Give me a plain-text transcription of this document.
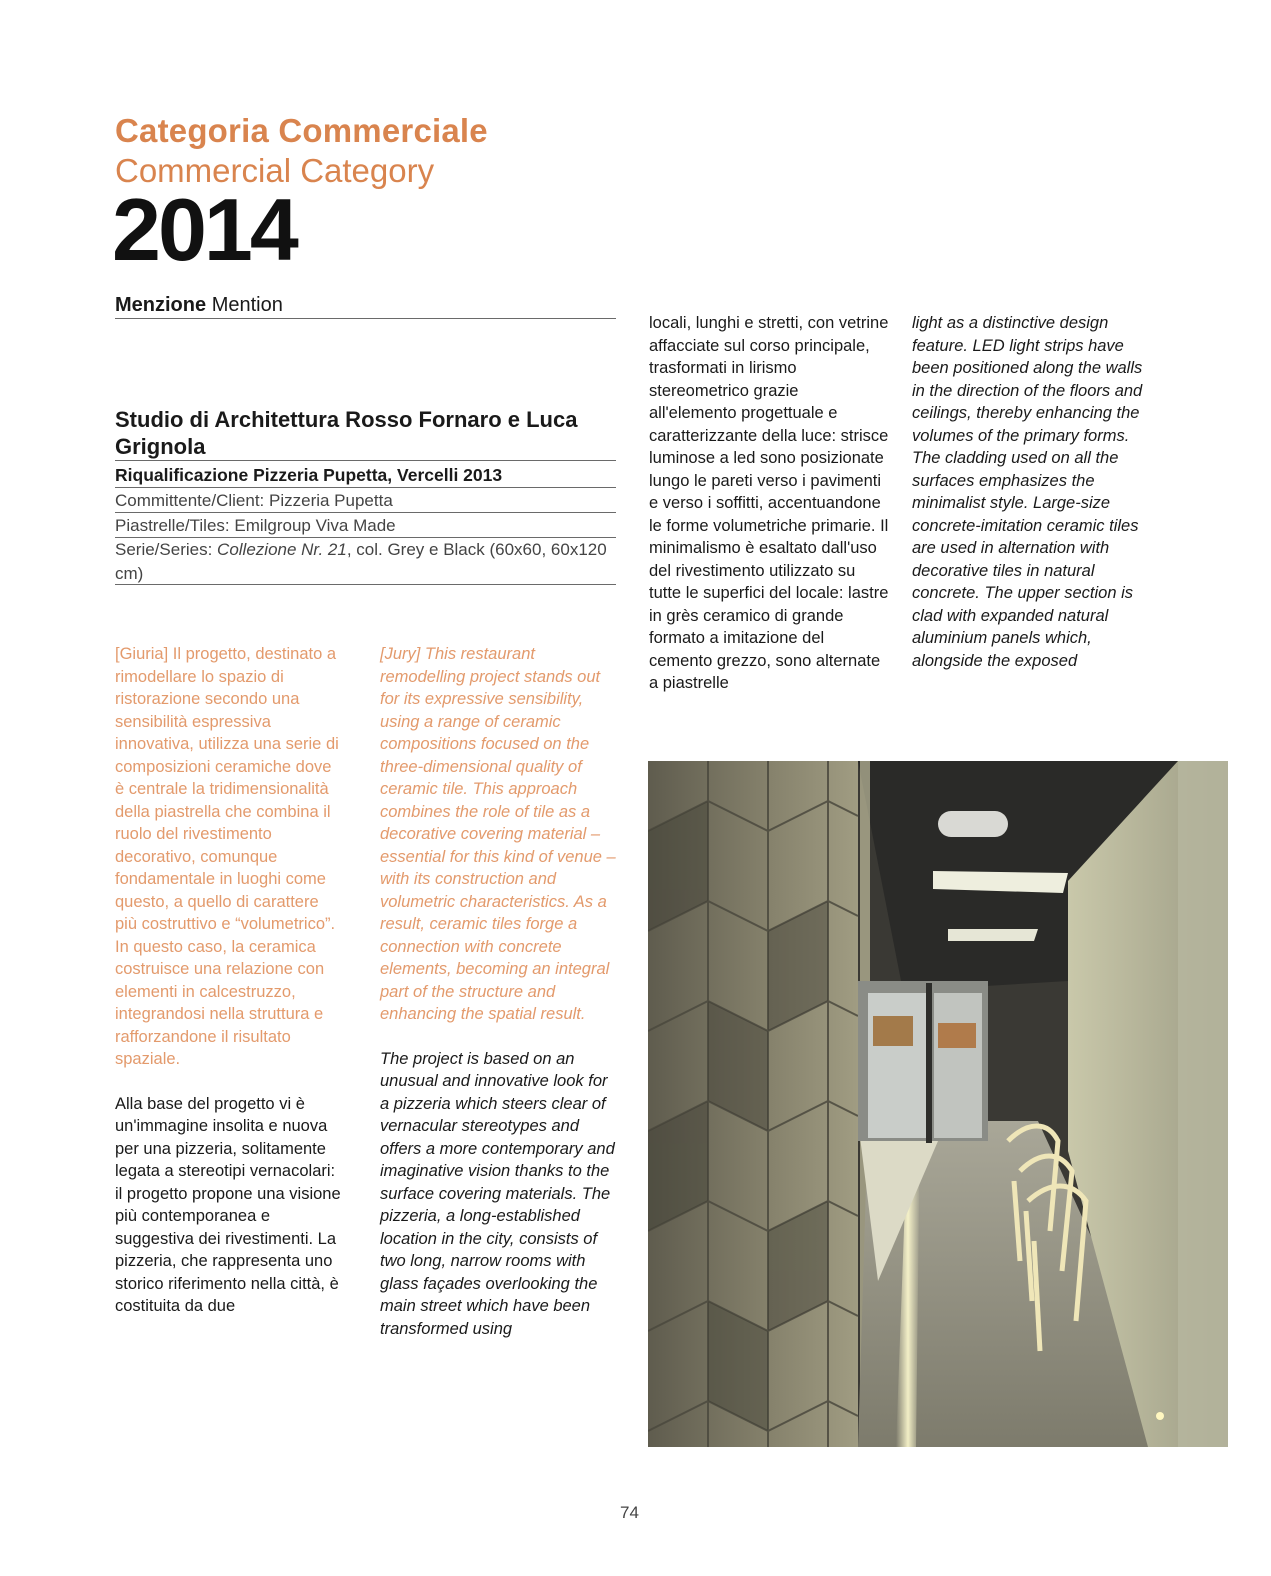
Categoria Commerciale
Commercial Category
2014
Menzione Mention
Studio di Architettura Rosso Fornaro e Luca Grignola
Riqualificazione Pizzeria Pupetta, Vercelli 2013
Committente/Client: Pizzeria Pupetta
Piastrelle/Tiles: Emilgroup Viva Made
Serie/Series: Collezione Nr. 21, col. Grey e Black (60x60, 60x120 cm)

[Giuria] Il progetto, destinato a rimodellare lo spazio di ristorazione secondo una sensibilità espressiva innovativa, utilizza una serie di composizioni ceramiche dove è centrale la tridimensionalità della piastrella che combina il ruolo del rivestimento decorativo, comunque fondamentale in luoghi come questo, a quello di carattere più costruttivo e “volumetrico”. In questo caso, la ceramica costruisce una relazione con elementi in calcestruzzo, integrandosi nella struttura e rafforzandone il risultato spaziale.

Alla base del progetto vi è un'immagine insolita e nuova per una pizzeria, solitamente legata a stereotipi vernacolari: il progetto propone una visione più contemporanea e suggestiva dei rivestimenti. La pizzeria, che rappresenta uno storico riferimento nella città, è costituita da due

[Jury] This restaurant remodelling project stands out for its expressive sensibility, using a range of ceramic compositions focused on the three-dimensional quality of ceramic tile. This approach combines the role of tile as a decorative covering material – essential for this kind of venue – with its construction and volumetric characteristics. As a result, ceramic tiles forge a connection with concrete elements, becoming an integral part of the structure and enhancing the spatial result.

The project is based on an unusual and innovative look for a pizzeria which steers clear of vernacular stereotypes and offers a more contemporary and imaginative vision thanks to the surface covering materials. The pizzeria, a long-established location in the city, consists of two long, narrow rooms with glass façades overlooking the main street which have been transformed using

locali, lunghi e stretti, con vetrine affacciate sul corso principale, trasformati in lirismo stereometrico grazie all'elemento progettuale e caratterizzante della luce: strisce luminose a led sono posizionate lungo le pareti verso i pavimenti e verso i soffitti, accentuandone le forme volumetriche primarie. Il minimalismo è esaltato dall'uso del rivestimento utilizzato su tutte le superfici del locale: lastre in grès ceramico di grande formato a imitazione del cemento grezzo, sono alternate a piastrelle

light as a distinctive design feature. LED light strips have been positioned along the walls in the direction of the floors and ceilings, thereby enhancing the volumes of the primary forms. The cladding used on all the surfaces emphasizes the minimalist style. Large-size concrete-imitation ceramic tiles are used in alternation with decorative tiles in natural concrete. The upper section is clad with expanded natural aluminium panels which, alongside the exposed

74
